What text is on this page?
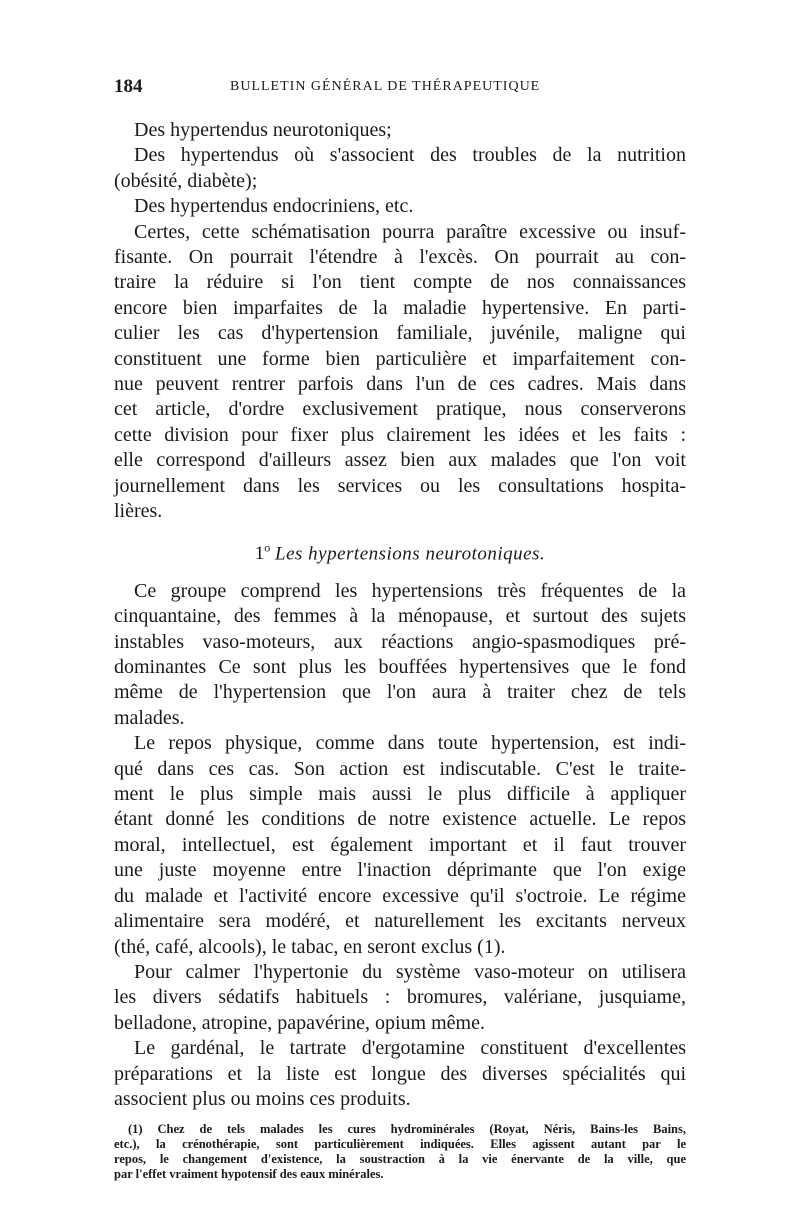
184	BULLETIN GÉNÉRAL DE THÉRAPEUTIQUE
Des hypertendus neurotoniques;
Des hypertendus où s'associent des troubles de la nutrition
(obésité, diabète);
Des hypertendus endocriniens, etc.
Certes, cette schématisation pourra paraître excessive ou insuf-
fisante. On pourrait l'étendre à l'excès. On pourrait au con-
traire la réduire si l'on tient compte de nos connaissances
encore bien imparfaites de la maladie hypertensive. En parti-
culier les cas d'hypertension familiale, juvénile, maligne qui
constituent une forme bien particulière et imparfaitement con-
nue peuvent rentrer parfois dans l'un de ces cadres. Mais dans
cet article, d'ordre exclusivement pratique, nous conserverons
cette division pour fixer plus clairement les idées et les faits :
elle correspond d'ailleurs assez bien aux malades que l'on voit
journellement dans les services ou les consultations hospita-
lières.
1$^o$ Les hypertensions neurotoniques.
Ce groupe comprend les hypertensions très fréquentes de la
cinquantaine, des femmes à la ménopause, et surtout des sujets
instables vaso-moteurs, aux réactions angio-spasmodiques pré-
dominantes Ce sont plus les bouffées hypertensives que le fond
même de l'hypertension que l'on aura à traiter chez de tels
malades.
Le repos physique, comme dans toute hypertension, est indi-
qué dans ces cas. Son action est indiscutable. C'est le traite-
ment le plus simple mais aussi le plus difficile à appliquer
étant donné les conditions de notre existence actuelle. Le repos
moral, intellectuel, est également important et il faut trouver
une juste moyenne entre l'inaction déprimante que l'on exige
du malade et l'activité encore excessive qu'il s'octroie. Le régime
alimentaire sera modéré, et naturellement les excitants nerveux
(thé, café, alcools), le tabac, en seront exclus (1).
Pour calmer l'hypertonie du système vaso-moteur on utilisera
les divers sédatifs habituels : bromures, valériane, jusquiame,
belladone, atropine, papavérine, opium même.
Le gardénal, le tartrate d'ergotamine constituent d'excellentes
préparations et la liste est longue des diverses spécialités qui
associent plus ou moins ces produits.
(1) Chez de tels malades les cures hydrominérales (Royat, Néris, Bains-les Bains,
etc.), la crénothérapie, sont particulièrement indiquées. Elles agissent autant par le
repos, le changement d'existence, la soustraction à la vie énervante de la ville, que
par l'effet vraiment hypotensif des eaux minérales.
